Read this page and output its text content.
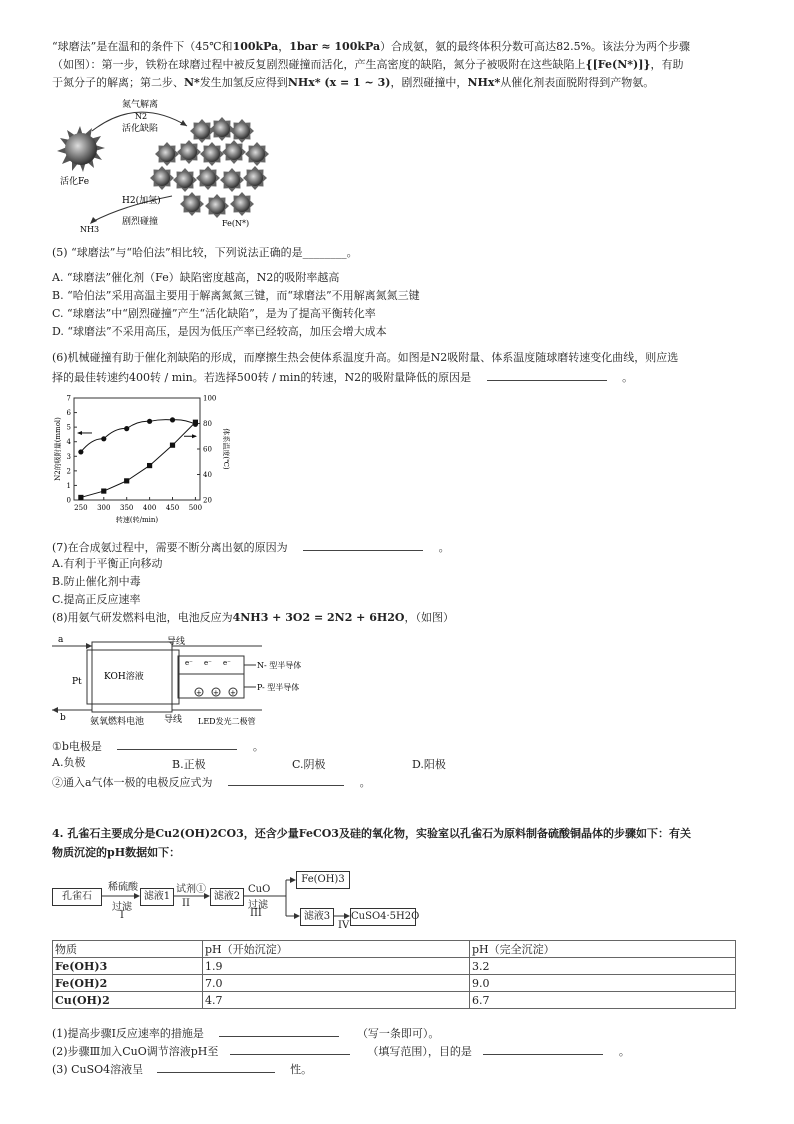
“球磨法”是在温和的条件下（45℃和100kPa，1bar ≈ 100kPa）合成氨，氨的最终体积分数可高达82.5%。该法分为两个步骤
（如图）：第一步，铁粉在球磨过程中被反复剧烈碰撞而活化，产生高密度的缺陷，氮分子被吸附在这些缺陷上{[Fe(N*)]}，有助
于氮分子的解离；第二步、N*发生加氢反应得到NHx* (x = 1 ~ 3)，剧烈碰撞中，NHx*从催化剂表面脱附得到产物氨。
活化Fe
氮气解离
N2
活化缺陷
H2(加氢)
剧烈碰撞
NH3
Fe(N*)
(5) “球磨法”与“哈伯法”相比较，下列说法正确的是________。
A. “球磨法”催化剂（Fe）缺陷密度越高，N2的吸附率越高
B. “哈伯法”采用高温主要用于解离氮氮三键，而“球磨法”不用解离氮氮三键
C. “球磨法”中“剧烈碰撞”产生“活化缺陷”，是为了提高平衡转化率
D. “球磨法”不采用高压，是因为低压产率已经较高，加压会增大成本
(6)机械碰撞有助于催化剂缺陷的形成，而摩擦生热会使体系温度升高。如图是N2吸附量、体系温度随球磨转速变化曲线，则应选
择的最佳转速约400转 / min。若选择500转 / min的转速，N2的吸附量降低的原因是	。
250 300 350 400 450 500
0
1
2
3
4
5
6
7
20
40
60
80
100
转速(转/min)
N2的吸附量(mmol)	体系温度(℃)
(7)在合成氨过程中，需要不断分离出氨的原因为	。
A.有利于平衡正向移动
B.防止催化剂中毒
C.提高正反应速率
(8)用氨气研发燃料电池，电池反应为4NH3 + 3O2 = 2N2 + 6H2O，（如图）
a
b
Pt KOH溶液
氨氧燃料电池
导线
导线
e⁻ e⁻ e⁻
+ + +
N- 型半导体
P- 型半导体
LED发光二极管
①b电极是	。
A.负极	B.正极	C.阴极	D.阳极
②通入a气体一极的电极反应式为	。
4. 孔雀石主要成分是Cu2(OH)2CO3，还含少量FeCO3及硅的氧化物，实验室以孔雀石为原料制备硫酸铜晶体的步骤如下：有关
物质沉淀的pH数据如下：
孔雀石
稀硫酸
过滤
I
滤液1
试剂①
II
滤液2
CuO
过滤
III
Fe(OH)3
滤液3
IV
CuSO4·5H2O
物质	pH（开始沉淀）	pH（完全沉淀）
Fe(OH)3	1.9	3.2
Fe(OH)2	7.0	9.0
Cu(OH)2	4.7	6.7
(1)提高步骤Ⅰ反应速率的措施是	（写一条即可）。
(2)步骤Ⅲ加入CuO调节溶液pH至	（填写范围），目的是	。
(3) CuSO4溶液呈	性。
